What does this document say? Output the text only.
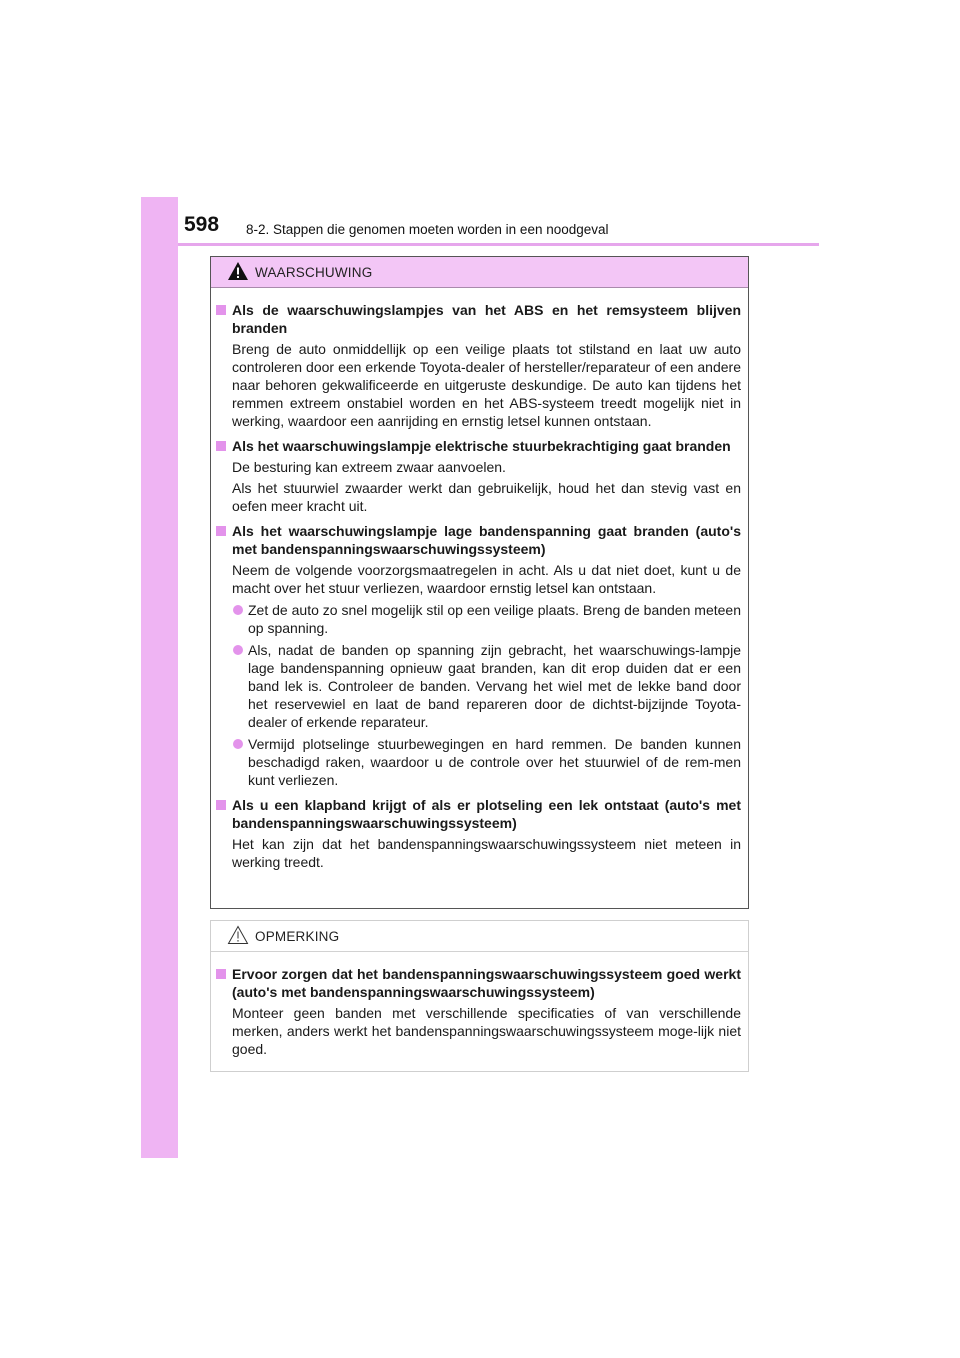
598 8-2. Stappen die genomen moeten worden in een noodgeval
WAARSCHUWING
Als de waarschuwingslampjes van het ABS en het remsysteem blijven branden
Breng de auto onmiddellijk op een veilige plaats tot stilstand en laat uw auto controleren door een erkende Toyota-dealer of hersteller/reparateur of een andere naar behoren gekwalificeerde en uitgeruste deskundige. De auto kan tijdens het remmen extreem onstabiel worden en het ABS-systeem treedt mogelijk niet in werking, waardoor een aanrijding en ernstig letsel kunnen ontstaan.
Als het waarschuwingslampje elektrische stuurbekrachtiging gaat branden
De besturing kan extreem zwaar aanvoelen.
Als het stuurwiel zwaarder werkt dan gebruikelijk, houd het dan stevig vast en oefen meer kracht uit.
Als het waarschuwingslampje lage bandenspanning gaat branden (auto's met bandenspanningswaarschuwingssysteem)
Neem de volgende voorzorgsmaatregelen in acht. Als u dat niet doet, kunt u de macht over het stuur verliezen, waardoor ernstig letsel kan ontstaan.
Zet de auto zo snel mogelijk stil op een veilige plaats. Breng de banden meteen op spanning.
Als, nadat de banden op spanning zijn gebracht, het waarschuwings-lampje lage bandenspanning opnieuw gaat branden, kan dit erop duiden dat er een band lek is. Controleer de banden. Vervang het wiel met de lekke band door het reservewiel en laat de band repareren door de dichtst-bijzijnde Toyota-dealer of erkende reparateur.
Vermijd plotselinge stuurbewegingen en hard remmen. De banden kunnen beschadigd raken, waardoor u de controle over het stuurwiel of de rem-men kunt verliezen.
Als u een klapband krijgt of als er plotseling een lek ontstaat (auto's met bandenspanningswaarschuwingssysteem)
Het kan zijn dat het bandenspanningswaarschuwingssysteem niet meteen in werking treedt.
OPMERKING
Ervoor zorgen dat het bandenspanningswaarschuwingssysteem goed werkt (auto's met bandenspanningswaarschuwingssysteem)
Monteer geen banden met verschillende specificaties of van verschillende merken, anders werkt het bandenspanningswaarschuwingssysteem moge-lijk niet goed.
